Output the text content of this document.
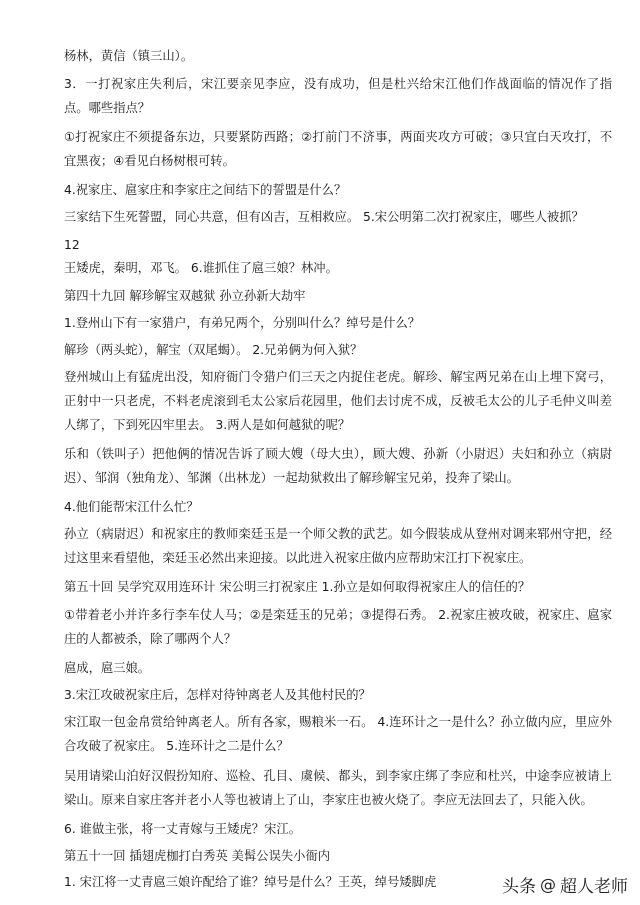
杨林，黄信（镇三山）。

3．一打祝家庄失利后，宋江要亲见李应，没有成功，但是杜兴给宋江他们作战面临的情况作了指点。哪些指点？

①打祝家庄不须提备东边，只要紧防西路；②打前门不济事，两面夹攻方可破；③只宜白天攻打，不宜黑夜；④看见白杨树根可转。

4.祝家庄、扈家庄和李家庄之间结下的誓盟是什么？

三家结下生死誓盟，同心共意，但有凶吉，互相救应。 5.宋公明第二次打祝家庄，哪些人被抓？

12

王矮虎，秦明，邓飞。 6.谁抓住了扈三娘？林冲。

第四十九回 解珍解宝双越狱 孙立孙新大劫牢

1.登州山下有一家猎户，有弟兄两个，分别叫什么？绰号是什么？

解珍（两头蛇），解宝（双尾蝎）。 2.兄弟俩为何入狱？

登州城山上有猛虎出没，知府衙门令猎户们三天之内捉住老虎。解珍、解宝两兄弟在山上埋下窝弓，正射中一只老虎，不料老虎滚到毛太公家后花园里，他们去讨虎不成，反被毛太公的儿子毛仲义叫差人绑了，下到死囚牢里去。 3.两人是如何越狱的呢？

乐和（铁叫子）把他俩的情况告诉了顾大嫂（母大虫），顾大嫂、孙新（小尉迟）夫妇和孙立（病尉迟）、邹润（独角龙）、邹渊（出林龙）一起劫狱救出了解珍解宝兄弟，投奔了梁山。

4.他们能帮宋江什么忙？

孙立（病尉迟）和祝家庄的教师栾廷玉是一个师父教的武艺。如今假装成从登州对调来郓州守把，经过这里来看望他，栾廷玉必然出来迎接。以此进入祝家庄做内应帮助宋江打下祝家庄。

第五十回 吴学究双用连环计 宋公明三打祝家庄 1.孙立是如何取得祝家庄人的信任的？

①带着老小并许多行李车仗人马；②是栾廷玉的兄弟；③提得石秀。 2.祝家庄被攻破，祝家庄、扈家庄的人都被杀，除了哪两个人？

扈成，扈三娘。

3.宋江攻破祝家庄后，怎样对待钟离老人及其他村民的？

宋江取一包金帛赏给钟离老人。所有各家，赐粮米一石。 4.连环计之一是什么？孙立做内应，里应外合攻破了祝家庄。 5.连环计之二是什么？

吴用请梁山泊好汉假扮知府、巡检、孔目、虞候、都头，到李家庄绑了李应和杜兴，中途李应被请上梁山。原来自家庄客并老小人等也被请上了山，李家庄也被火烧了。李应无法回去了，只能入伙。

6. 谁做主张，将一丈青嫁与王矮虎？宋江。

第五十一回 插翅虎枷打白秀英 美髯公误失小衙内

1. 宋江将一丈青扈三娘许配给了谁？绰号是什么？王英，绰号矮脚虎	头条 @ 超人老师
